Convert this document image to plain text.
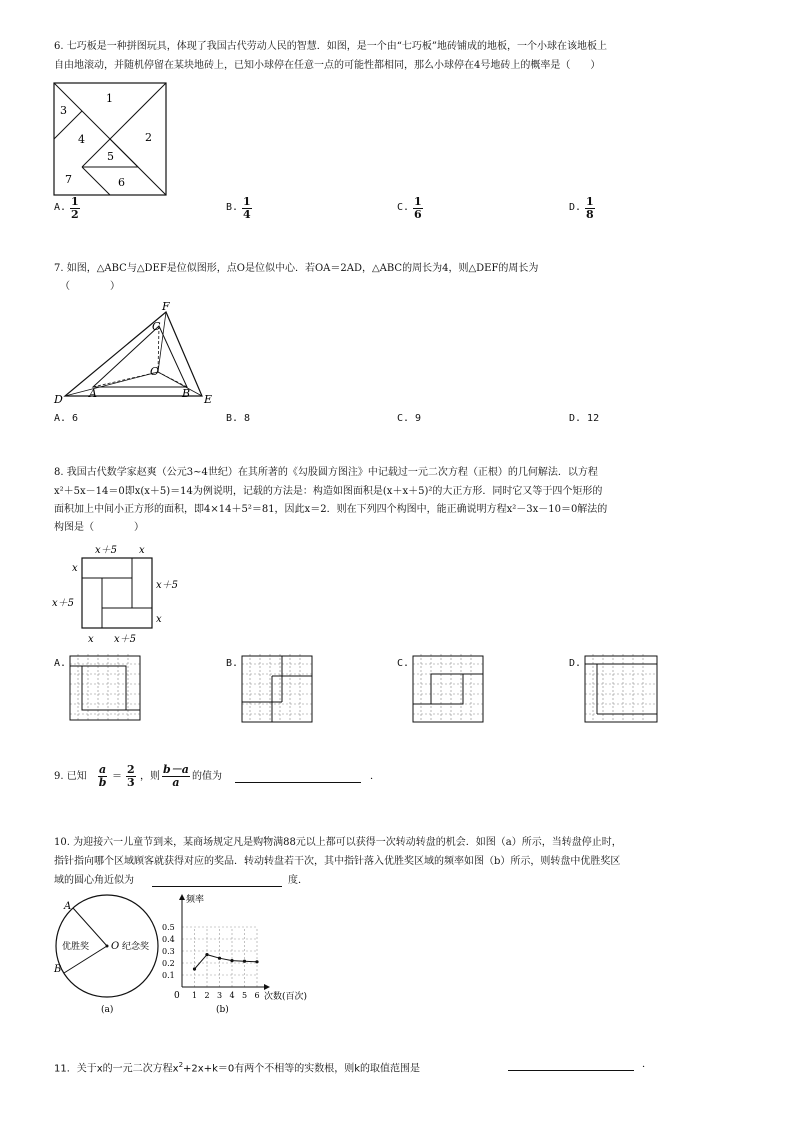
6. 七巧板是一种拼图玩具，体现了我国古代劳动人民的智慧．如图，是一个由“七巧板”地砖铺成的地板，一个小球在该地板上
自由地滚动，并随机停留在某块地砖上，已知小球停在任意一点的可能性都相同，那么小球停在4号地砖上的概率是（　　）
1
2
3
4
5
6
7
A. $\frac{1}{2}$	B. $\frac{1}{4}$	C. $\frac{1}{6}$	D. $\frac{1}{8}$
7. 如图，△ABC与△DEF是位似图形，点O是位似中心．若OA＝2AD，△ABC的周长为4，则△DEF的周长为
（　　　　）
F
C
O
D A	B E
A. 6	B. 8	C. 9	D. 12
8. 我国古代数学家赵爽（公元3~4世纪）在其所著的《勾股圆方图注》中记载过一元二次方程（正根）的几何解法．以方程
x²＋5x－14＝0即x(x＋5)＝14为例说明，记载的方法是：构造如图面积是(x＋x＋5)²的大正方形．同时它又等于四个矩形的
面积加上中间小正方形的面积，即4×14＋5²＝81，因此x＝2．则在下列四个构图中，能正确说明方程x²－3x－10＝0解法的
构图是（　　　　）
x＋5 x
x
x＋5
x＋5
x
x x＋5
A.	B.	C.	D.
9. 已知 $\frac{a}{b} = \frac{2}{3}$ ，则 $\frac{b-a}{a}$ 的值为	．
10. 为迎接六一儿童节到来，某商场规定凡是购物满88元以上都可以获得一次转动转盘的机会．如图（a）所示，当转盘停止时，
指针指向哪个区域顾客就获得对应的奖品．转动转盘若干次，其中指针落入优胜奖区域的频率如图（b）所示，则转盘中优胜奖区
域的圆心角近似为	度．
A
B
O
优胜奖	纪念奖
(a)
频率
次数(百次)
0
0.1
0.2
0.3
0.4
0.5
1 2 3 4 5 6
(b)
11．关于x的一元二次方程$x^2+2x+k=0$有两个不相等的实数根，则k的取值范围是	．
